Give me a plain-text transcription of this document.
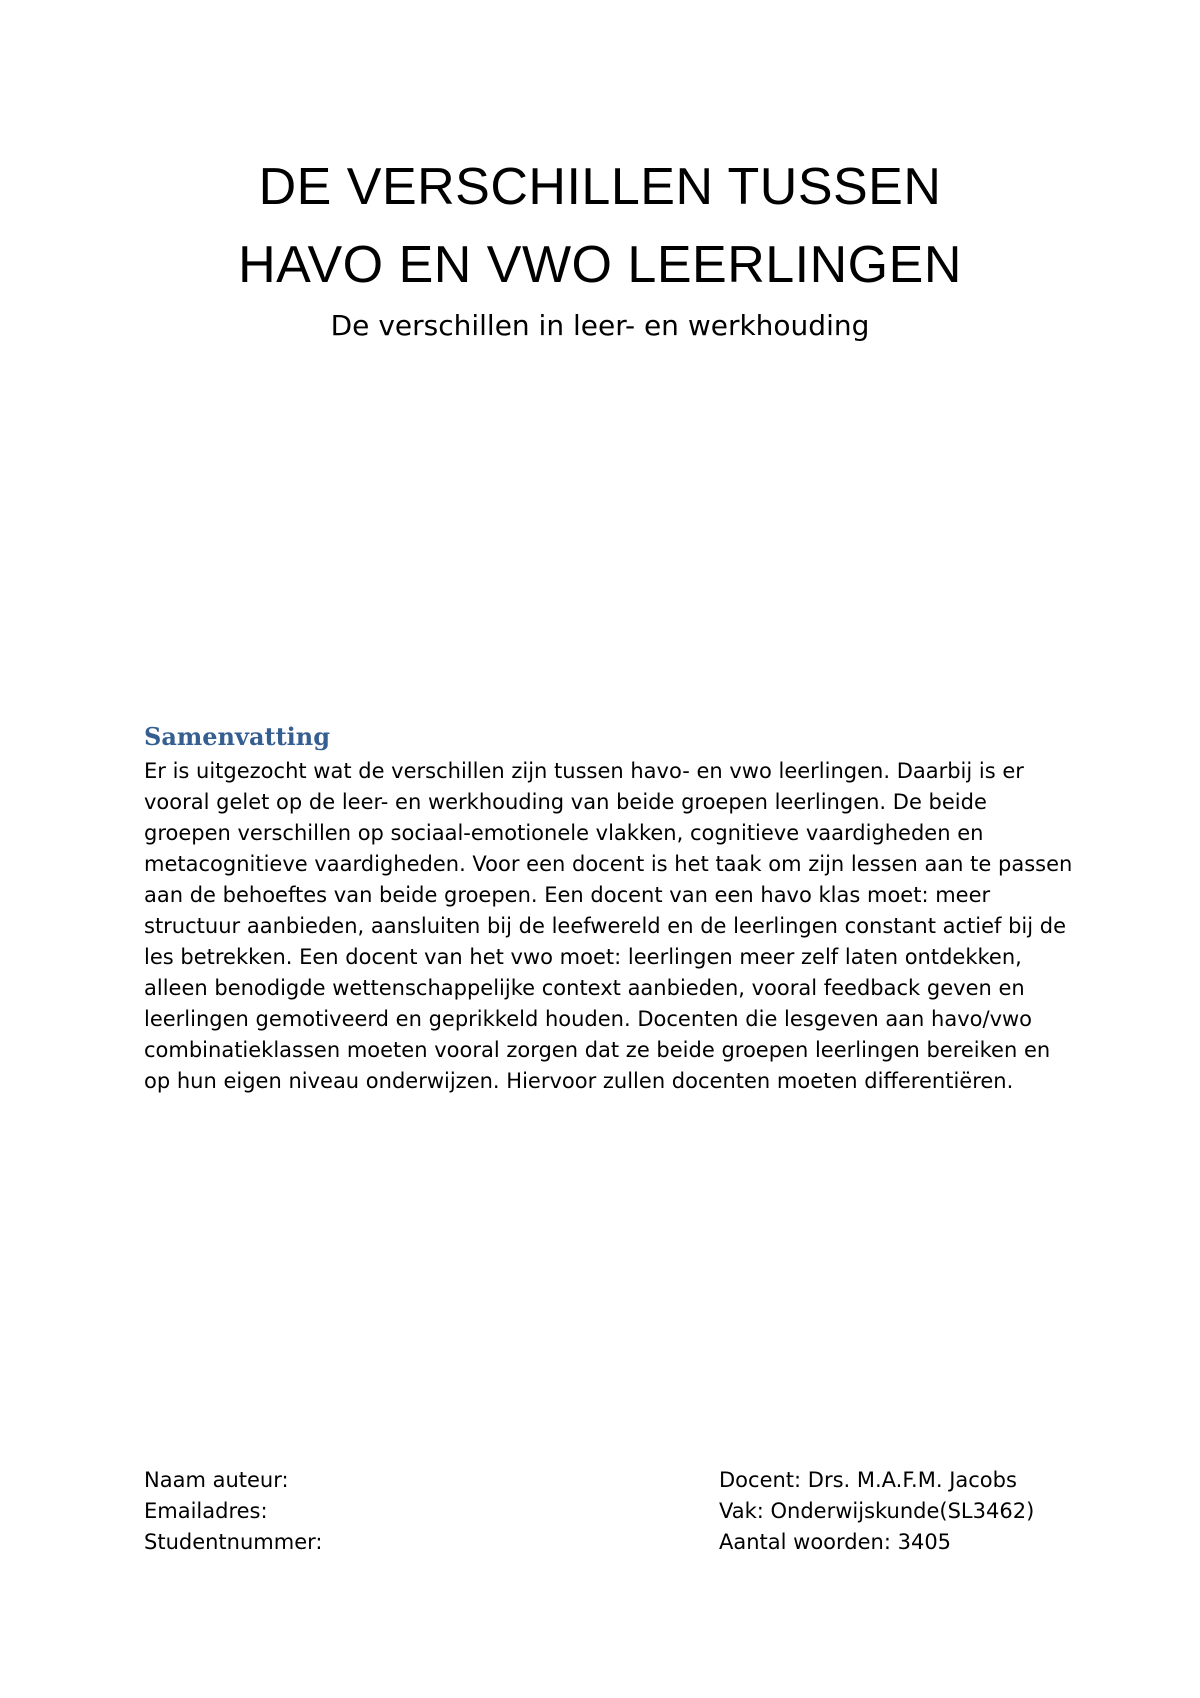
DE VERSCHILLEN TUSSEN
HAVO EN VWO LEERLINGEN
De verschillen in leer- en werkhouding
Samenvatting

Er is uitgezocht wat de verschillen zijn tussen havo- en vwo leerlingen. Daarbij is er vooral gelet op de leer- en werkhouding van beide groepen leerlingen. De beide groepen verschillen op sociaal-emotionele vlakken, cognitieve vaardigheden en metacognitieve vaardigheden. Voor een docent is het taak om zijn lessen aan te passen aan de behoeftes van beide groepen. Een docent van een havo klas moet: meer structuur aanbieden, aansluiten bij de leefwereld en de leerlingen constant actief bij de les betrekken. Een docent van het vwo moet: leerlingen meer zelf laten ontdekken, alleen benodigde wettenschappelijke context aanbieden, vooral feedback geven en leerlingen gemotiveerd en geprikkeld houden. Docenten die lesgeven aan havo/vwo combinatieklassen moeten vooral zorgen dat ze beide groepen leerlingen bereiken en op hun eigen niveau onderwijzen. Hiervoor zullen docenten moeten differentiëren.

Naam auteur:
Emailadres:
Studentnummer:
Docent: Drs. M.A.F.M. Jacobs
Vak: Onderwijskunde(SL3462)
Aantal woorden: 3405
